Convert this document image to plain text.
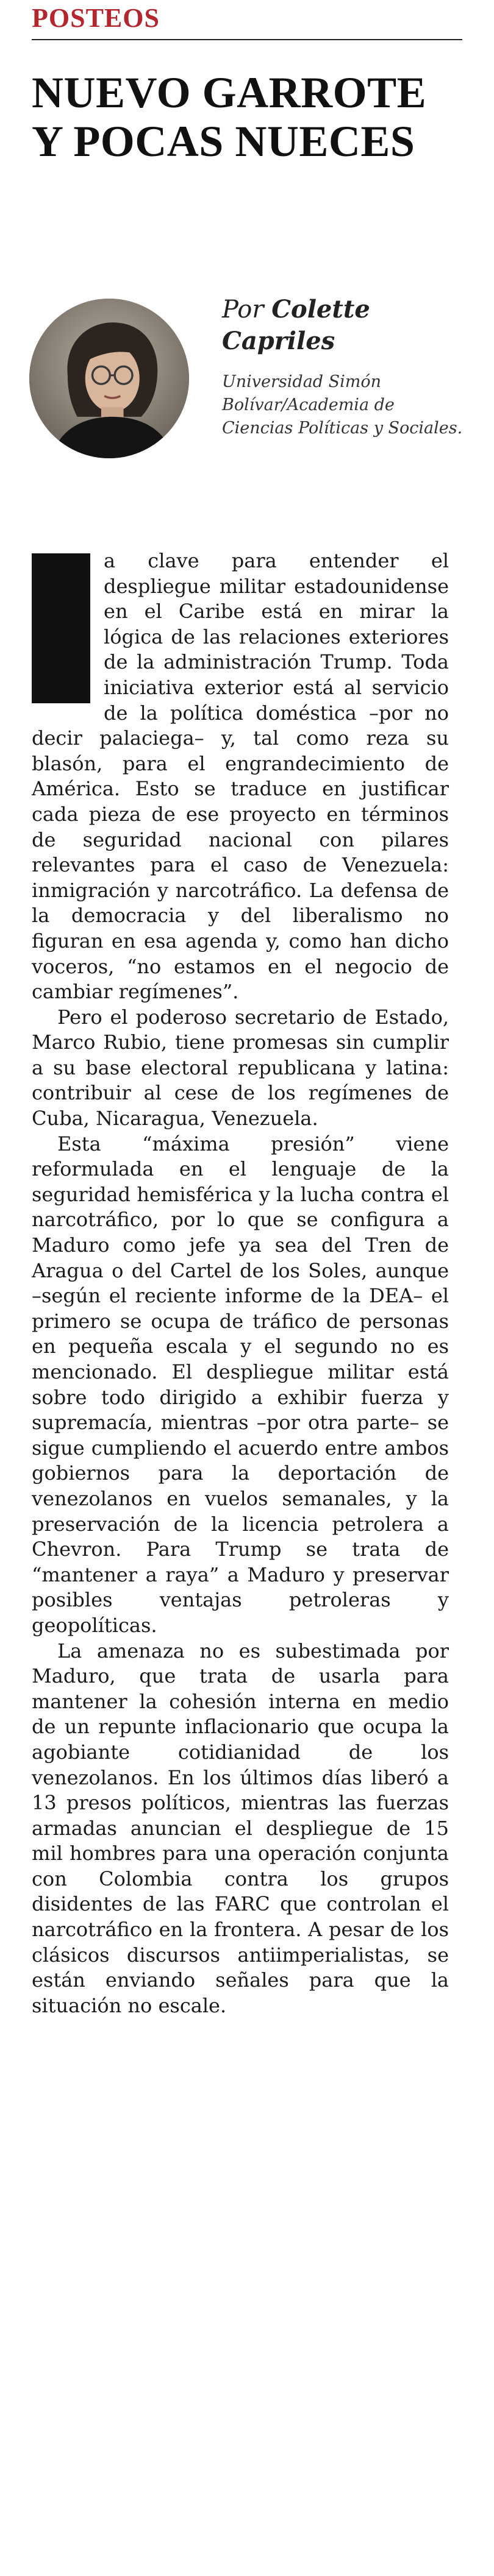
POSTEOS
NUEVO GARROTE
Y POCAS NUECES
Por Colette Capriles
Universidad Simón Bolívar/Academia de Ciencias Políticas y Sociales.

a clave para entender el despliegue militar estadounidense en el Caribe está en mirar la lógica de las relaciones exteriores de la administración Trump. Toda iniciativa exterior está al servicio de la política doméstica –por no decir palaciega– y, tal como reza su blasón, para el engrandecimiento de América. Esto se traduce en justificar cada pieza de ese proyecto en términos de seguridad nacional con pilares relevantes para el caso de Venezuela: inmigración y narcotráfico. La defensa de la democracia y del liberalismo no figuran en esa agenda y, como han dicho voceros, “no estamos en el negocio de cambiar regímenes”.

Pero el poderoso secretario de Estado, Marco Rubio, tiene promesas sin cumplir a su base electoral republicana y latina: contribuir al cese de los regímenes de Cuba, Nicaragua, Venezuela.

Esta “máxima presión” viene reformulada en el lenguaje de la seguridad hemisférica y la lucha contra el narcotráfico, por lo que se configura a Maduro como jefe ya sea del Tren de Aragua o del Cartel de los Soles, aunque –según el reciente informe de la DEA– el primero se ocupa de tráfico de personas en pequeña escala y el segundo no es mencionado. El despliegue militar está sobre todo dirigido a exhibir fuerza y supremacía, mientras –por otra parte– se sigue cumpliendo el acuerdo entre ambos gobiernos para la deportación de venezolanos en vuelos semanales, y la preservación de la licencia petrolera a Chevron. Para Trump se trata de “mantener a raya” a Maduro y preservar posibles ventajas petroleras y geopolíticas.

La amenaza no es subestimada por Maduro, que trata de usarla para mantener la cohesión interna en medio de un repunte inflacionario que ocupa la agobiante cotidianidad de los venezolanos. En los últimos días liberó a 13 presos políticos, mientras las fuerzas armadas anuncian el despliegue de 15 mil hombres para una operación conjunta con Colombia contra los grupos disidentes de las FARC que controlan el narcotráfico en la frontera. A pesar de los clásicos discursos antiimperialistas, se están enviando señales para que la situación no escale.
